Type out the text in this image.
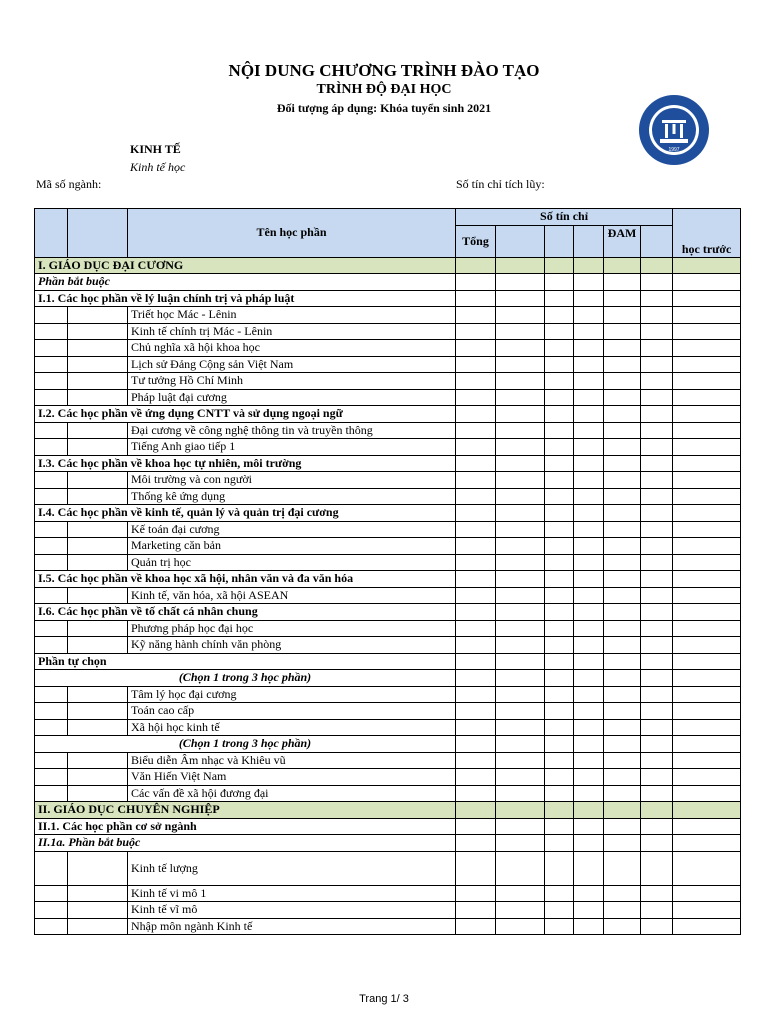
NỘI DUNG CHƯƠNG TRÌNH ĐÀO TẠO
TRÌNH ĐỘ ĐẠI HỌC
Đối tượng áp dụng: Khóa tuyển sinh 2021
1997
KINH TẾ
Kinh tế học
Mã số ngành:	Số tín chỉ tích lũy:
		Tên học phần	Số tín chỉ						học trước
			Tổng				ĐAM		
I. GIÁO DỤC ĐẠI CƯƠNG									
Phần bắt buộc									
I.1. Các học phần về lý luận chính trị và pháp luật									
		Triết học Mác - Lênin							
		Kinh tế chính trị Mác - Lênin							
		Chủ nghĩa xã hội khoa học							
		Lịch sử Đảng Cộng sản Việt Nam							
		Tư tưởng Hồ Chí Minh							
		Pháp luật đại cương							
I.2. Các học phần về ứng dụng CNTT và sử dụng ngoại ngữ									
		Đại cương về công nghệ thông tin và truyền thông							
		Tiếng Anh giao tiếp 1							
I.3. Các học phần về khoa học tự nhiên, môi trường									
		Môi trường và con người							
		Thống kê ứng dụng							
I.4. Các học phần về kinh tế, quản lý và quản trị đại cương									
		Kế toán đại cương							
		Marketing căn bản							
		Quản trị học							
I.5. Các học phần về khoa học xã hội, nhân văn và đa văn hóa									
		Kinh tế, văn hóa, xã hội ASEAN							
I.6. Các học phần về tố chất cá nhân chung									
		Phương pháp học đại học							
		Kỹ năng hành chính văn phòng							
Phần tự chọn									
(Chọn 1 trong 3 học phần)									
		Tâm lý học đại cương							
		Toán cao cấp							
		Xã hội học kinh tế							
(Chọn 1 trong 3 học phần)									
		Biểu diễn Âm nhạc và Khiêu vũ							
		Văn Hiến Việt Nam							
		Các vấn đề xã hội đương đại							
II. GIÁO DỤC CHUYÊN NGHIỆP									
II.1. Các học phần cơ sở ngành									
II.1a. Phần bắt buộc									
		Kinh tế lượng							
		Kinh tế vi mô 1							
		Kinh tế vĩ mô							
		Nhập môn ngành Kinh tế							
Trang 1/ 3
